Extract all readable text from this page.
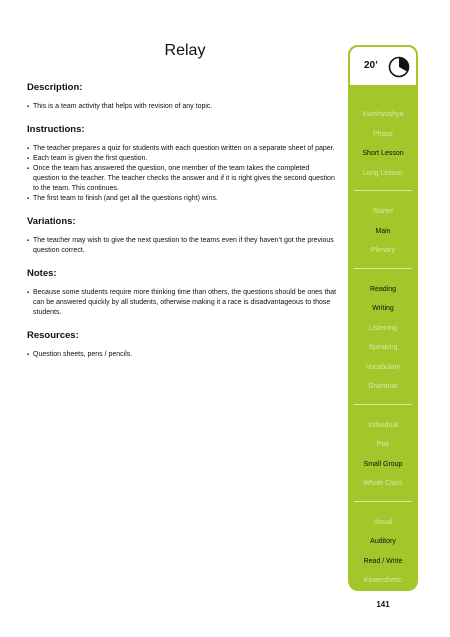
Relay
Description:
▪ This is a team activity that helps with revision of any topic.
Instructions:
▪ The teacher prepares a quiz for students with each question written on a separate sheet of paper.
▪ Each team is given the first question.
▪ Once the team has answered the question, one member of the team takes the completed question to the teacher. The teacher checks the answer and if it is right gives the second question to the team. This continues.
▪ The first team to finish (and get all the questions right) wins.
Variations:
▪ The teacher may wish to give the next question to the teams even if they haven’t got the previous question correct.
Notes:
▪ Because some students require more thinking time than others, the questions should be ones that can be answered quickly by all students, otherwise making it a race is disadvantageous to those students.
Resources:
▪ Question sheets, pens / pencils.
20’
Kwishyushya
Phase
Short Lesson
Long Lesson
Starter
Main
Plenary
Reading
Writing
Listening
Speaking
Vocabulary
Grammar
Individual
Pair
Small Group
Whole Class
Visual
Auditory
Read / Write
Kinaesthetic
141
